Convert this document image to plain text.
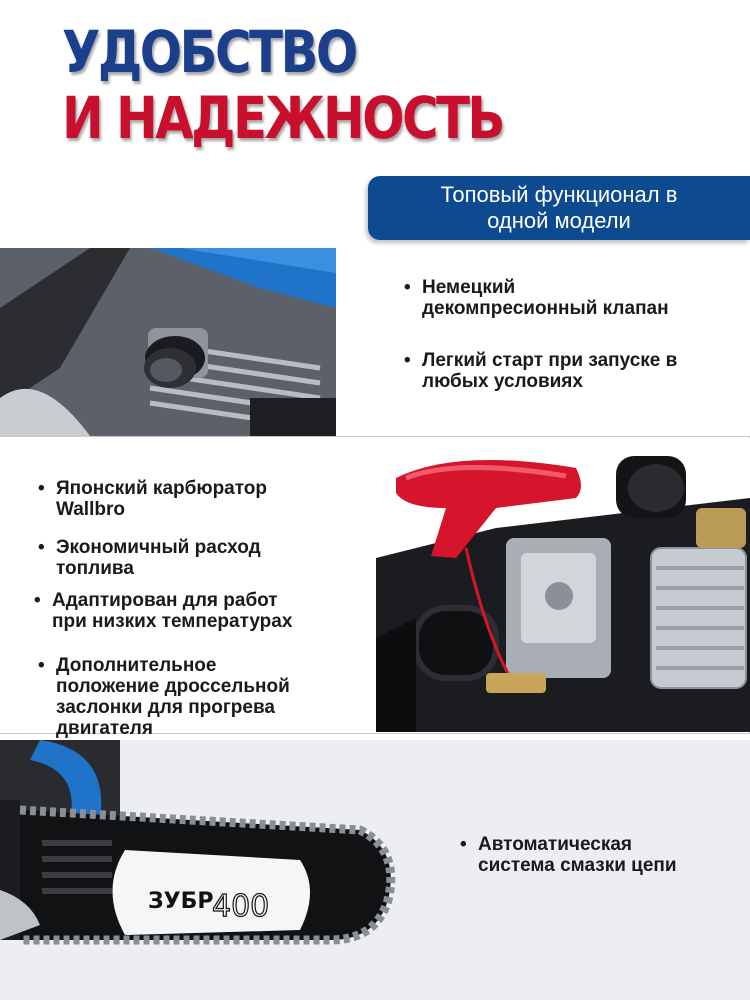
УДОБСТВО
И НАДЕЖНОСТЬ
Топовый функционал в
одной модели
• Немецкий
декомпресионный клапан
• Легкий старт при запуске в
любых условиях
• Японский карбюратор
Wallbro
• Экономичный расход
топлива
• Адаптирован для работ
при низких температурах
• Дополнительное
положение дроссельной
заслонки для прогрева
двигателя
ЗУБР
400
• Автоматическая
система смазки цепи
